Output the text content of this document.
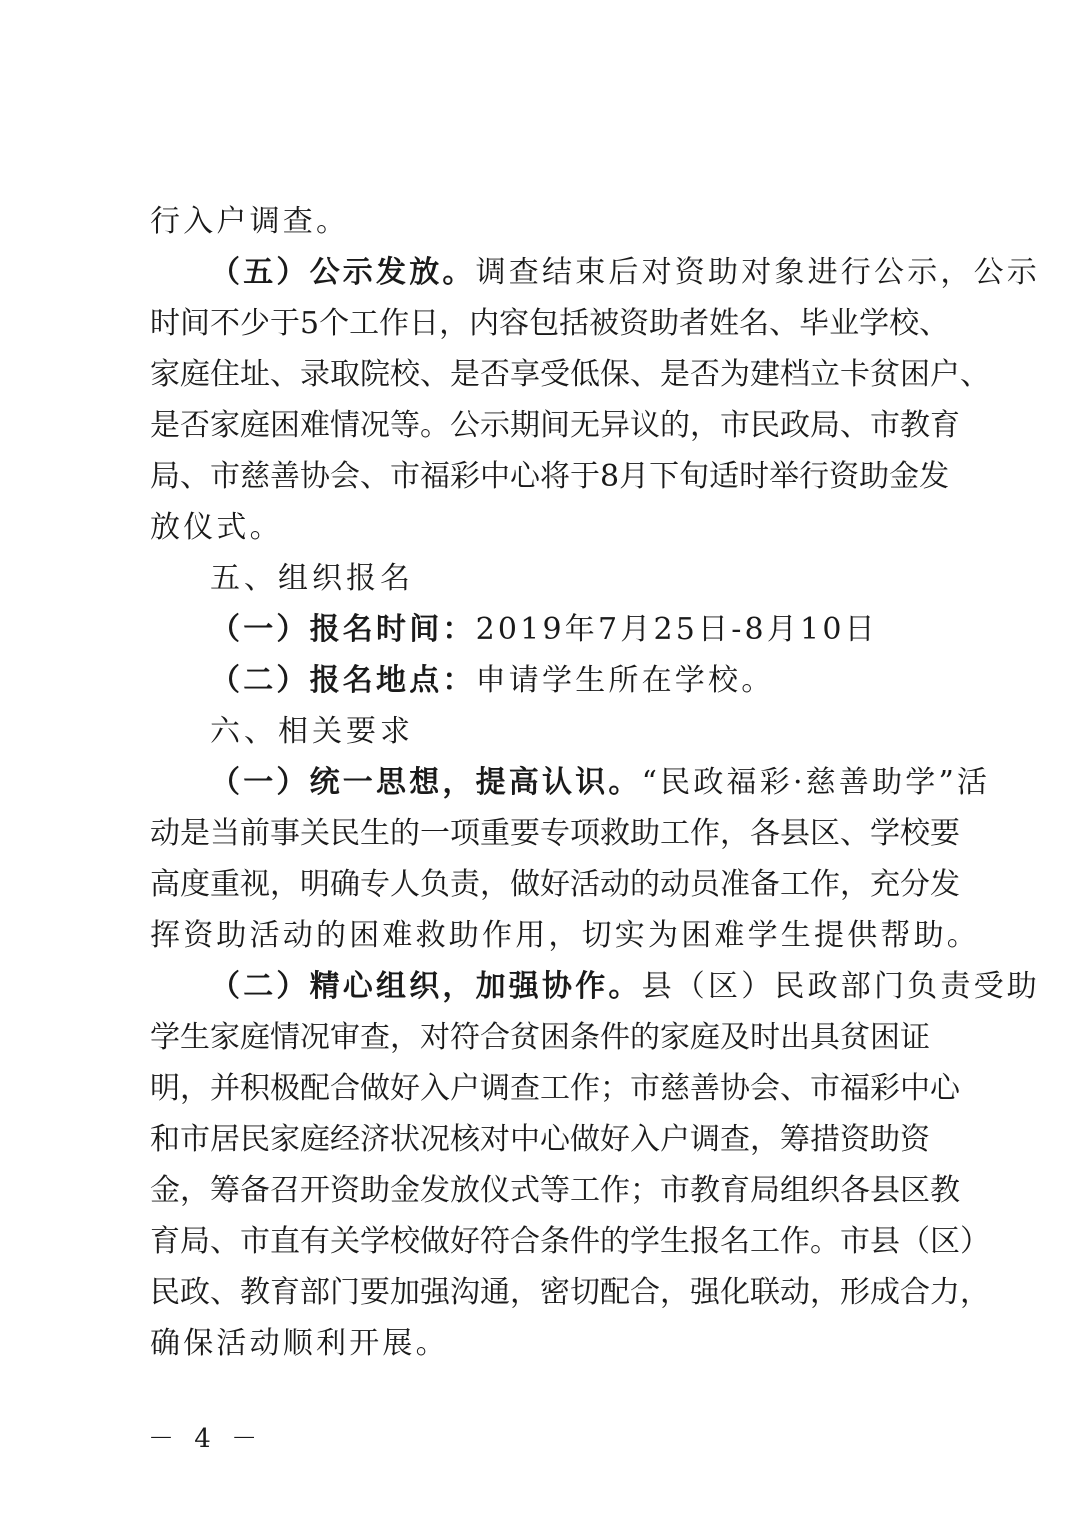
行入户调查。
（五）公示发放。调查结束后对资助对象进行公示，公示
时间不少于5个工作日，内容包括被资助者姓名、毕业学校、
家庭住址、录取院校、是否享受低保、是否为建档立卡贫困户、
是否家庭困难情况等。公示期间无异议的，市民政局、市教育
局、市慈善协会、市福彩中心将于8月下旬适时举行资助金发
放仪式。
五、组织报名
（一）报名时间：2019年7月25日-8月10日
（二）报名地点：申请学生所在学校。
六、相关要求
（一）统一思想，提高认识。“民政福彩·慈善助学”活
动是当前事关民生的一项重要专项救助工作，各县区、学校要
高度重视，明确专人负责，做好活动的动员准备工作，充分发
挥资助活动的困难救助作用，切实为困难学生提供帮助。
（二）精心组织，加强协作。县（区）民政部门负责受助
学生家庭情况审查，对符合贫困条件的家庭及时出具贫困证
明，并积极配合做好入户调查工作；市慈善协会、市福彩中心
和市居民家庭经济状况核对中心做好入户调查，筹措资助资
金，筹备召开资助金发放仪式等工作；市教育局组织各县区教
育局、市直有关学校做好符合条件的学生报名工作。市县（区）
民政、教育部门要加强沟通，密切配合，强化联动，形成合力，
确保活动顺利开展。
－ 4 －
